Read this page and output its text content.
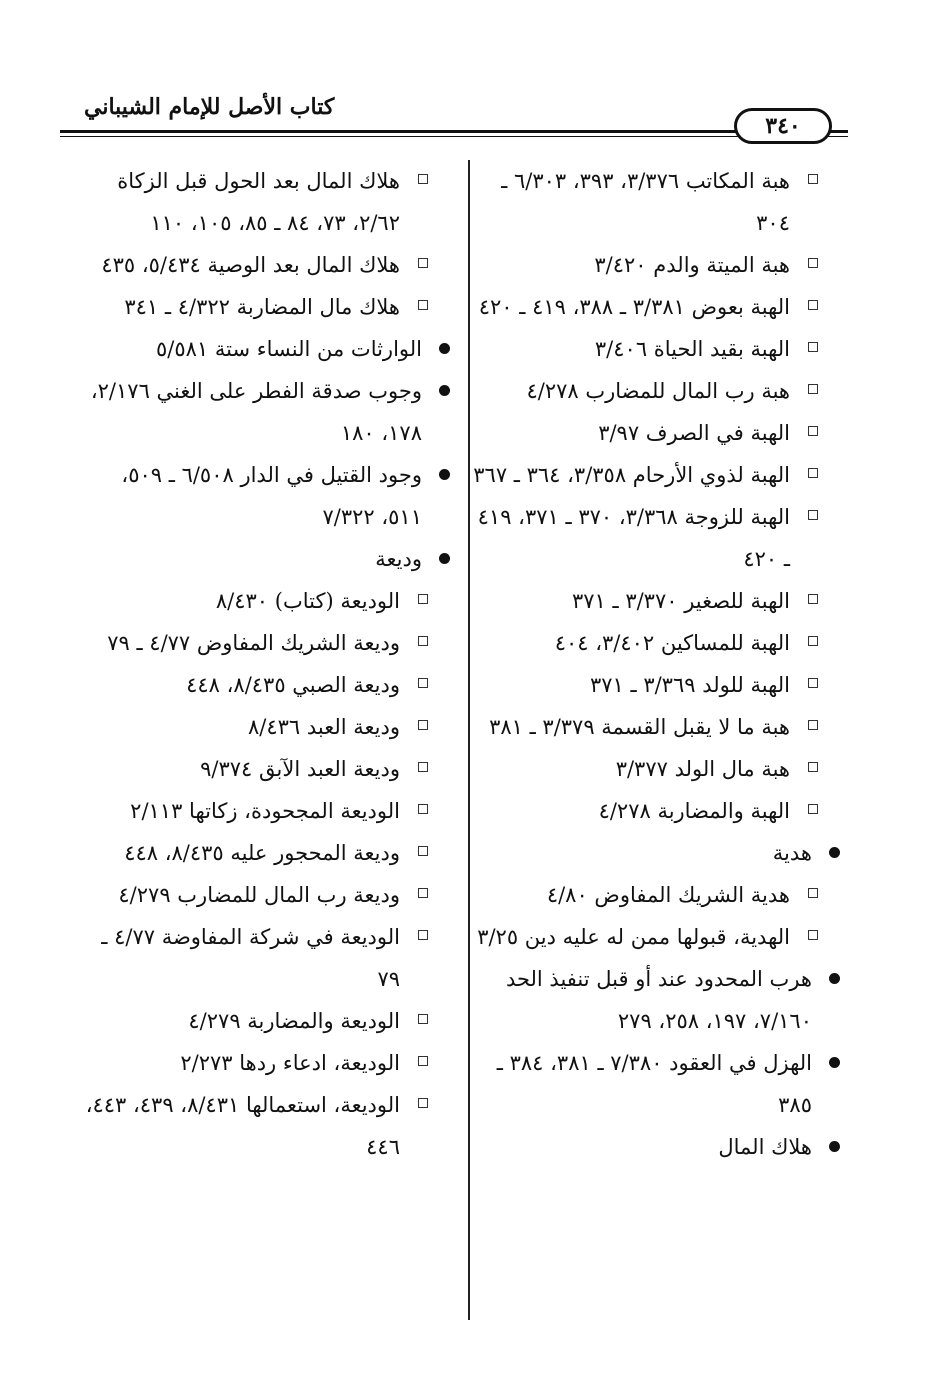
كتاب الأصل للإمام الشيباني
٣٤٠
هبة المكاتب ٣/٣٧٦، ٣٩٣، ٦/٣٠٣ ـ ٣٠٤
هبة الميتة والدم ٣/٤٢٠
الهبة بعوض ٣/٣٨١ ـ ٣٨٨، ٤١٩ ـ ٤٢٠
الهبة بقيد الحياة ٣/٤٠٦
هبة رب المال للمضارب ٤/٢٧٨
الهبة في الصرف ٣/٩٧
الهبة لذوي الأرحام ٣/٣٥٨، ٣٦٤ ـ ٣٦٧
الهبة للزوجة ٣/٣٦٨، ٣٧٠ ـ ٣٧١، ٤١٩ ـ ٤٢٠
الهبة للصغير ٣/٣٧٠ ـ ٣٧١
الهبة للمساكين ٣/٤٠٢، ٤٠٤
الهبة للولد ٣/٣٦٩ ـ ٣٧١
هبة ما لا يقبل القسمة ٣/٣٧٩ ـ ٣٨١
هبة مال الولد ٣/٣٧٧
الهبة والمضاربة ٤/٢٧٨
هدية
هدية الشريك المفاوض ٤/٨٠
الهدية، قبولها ممن له عليه دين ٣/٢٥
هرب المحدود عند أو قبل تنفيذ الحد ٧/١٦٠، ١٩٧، ٢٥٨، ٢٧٩
الهزل في العقود ٧/٣٨٠ ـ ٣٨١، ٣٨٤ ـ ٣٨٥
هلاك المال
هلاك المال بعد الحول قبل الزكاة ٢/٦٢، ٧٣، ٨٤ ـ ٨٥، ١٠٥، ١١٠
هلاك المال بعد الوصية ٥/٤٣٤، ٤٣٥
هلاك مال المضاربة ٤/٣٢٢ ـ ٣٤١
الوارثات من النساء ستة ٥/٥٨١
وجوب صدقة الفطر على الغني ٢/١٧٦، ١٧٨، ١٨٠
وجود القتيل في الدار ٦/٥٠٨ ـ ٥٠٩، ٥١١، ٧/٣٢٢
وديعة
الوديعة (كتاب) ٨/٤٣٠
وديعة الشريك المفاوض ٤/٧٧ ـ ٧٩
وديعة الصبي ٨/٤٣٥، ٤٤٨
وديعة العبد ٨/٤٣٦
وديعة العبد الآبق ٩/٣٧٤
الوديعة المجحودة، زكاتها ٢/١١٣
وديعة المحجور عليه ٨/٤٣٥، ٤٤٨
وديعة رب المال للمضارب ٤/٢٧٩
الوديعة في شركة المفاوضة ٤/٧٧ ـ ٧٩
الوديعة والمضاربة ٤/٢٧٩
الوديعة، ادعاء ردها ٢/٢٧٣
الوديعة، استعمالها ٨/٤٣١، ٤٣٩، ٤٤٣، ٤٤٦
